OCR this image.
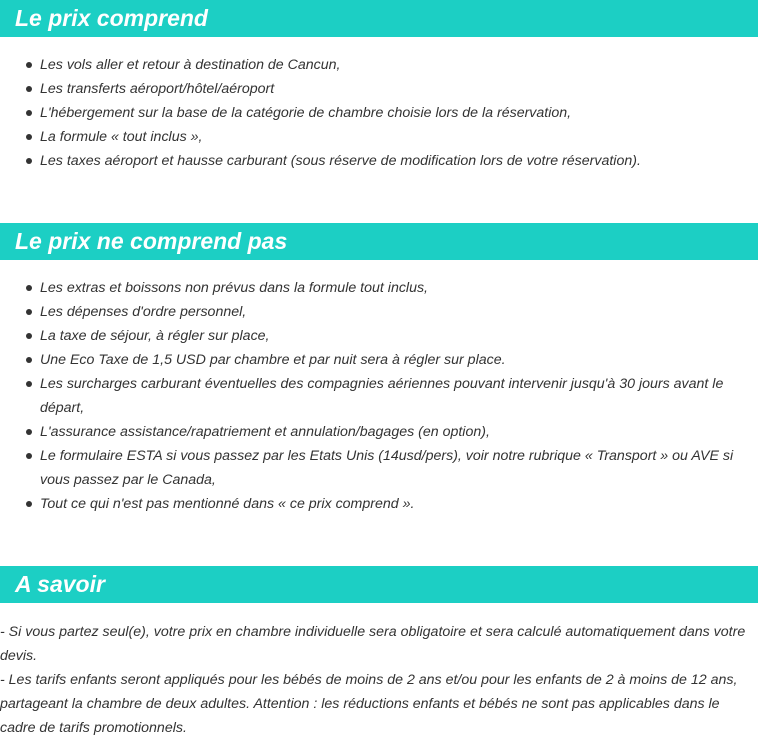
Le prix comprend
Les vols aller et retour à destination de Cancun,
Les transferts aéroport/hôtel/aéroport
L'hébergement sur la base de la catégorie de chambre choisie lors de la réservation,
La formule « tout inclus »,
Les taxes aéroport et hausse carburant (sous réserve de modification lors de votre réservation).
Le prix ne comprend pas
Les extras et boissons non prévus dans la formule tout inclus,
Les dépenses d'ordre personnel,
La taxe de séjour, à régler sur place,
Une Eco Taxe de 1,5 USD par chambre et par nuit sera à régler sur place.
Les surcharges carburant éventuelles des compagnies aériennes pouvant intervenir jusqu'à 30 jours avant le départ,
L'assurance assistance/rapatriement et annulation/bagages (en option),
Le formulaire ESTA si vous passez par les Etats Unis (14usd/pers), voir notre rubrique « Transport » ou AVE si vous passez par le Canada,
Tout ce qui n'est pas mentionné dans « ce prix comprend ».
A savoir

- Si vous partez seul(e), votre prix en chambre individuelle sera obligatoire et sera calculé automatiquement dans votre devis.

- Les tarifs enfants seront appliqués pour les bébés de moins de 2 ans et/ou pour les enfants de 2 à moins de 12 ans, partageant la chambre de deux adultes. Attention : les réductions enfants et bébés ne sont pas applicables dans le cadre de tarifs promotionnels.
